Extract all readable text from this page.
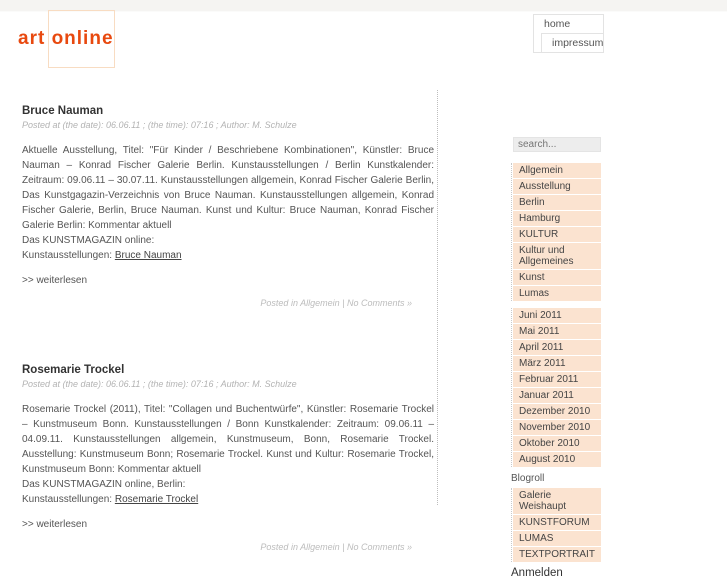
art online
home
impressum
Bruce Nauman
Posted at (the date): 06.06.11 ; (the time): 07:16 ; Author: M. Schulze

Aktuelle Ausstellung, Titel: "Für Kinder / Beschriebene Kombinationen", Künstler: Bruce Nauman – Konrad Fischer Galerie Berlin. Kunstausstellungen / Berlin Kunstkalender: Zeitraum: 09.06.11 – 30.07.11. Kunstausstellungen allgemein, Konrad Fischer Galerie Berlin, Das Kunstgagazin-Verzeichnis von Bruce Nauman. Kunstausstellungen allgemein, Konrad Fischer Galerie, Berlin, Bruce Nauman. Kunst und Kultur: Bruce Nauman, Konrad Fischer Galerie Berlin: Kommentar aktuell

Das KUNSTMAGAZIN online:
Kunstausstellungen: Bruce Nauman
>> weiterlesen
Posted in Allgemein | No Comments »
Rosemarie Trockel
Posted at (the date): 06.06.11 ; (the time): 07:16 ; Author: M. Schulze

Rosemarie Trockel (2011), Titel: "Collagen und Buchentwürfe", Künstler: Rosemarie Trockel – Kunstmuseum Bonn. Kunstausstellungen / Bonn Kunstkalender: Zeitraum: 09.06.11 – 04.09.11. Kunstausstellungen allgemein, Kunstmuseum, Bonn, Rosemarie Trockel. Ausstellung: Kunstmuseum Bonn; Rosemarie Trockel. Kunst und Kultur: Rosemarie Trockel, Kunstmuseum Bonn: Kommentar aktuell

Das KUNSTMAGAZIN online, Berlin:
Kunstausstellungen: Rosemarie Trockel
>> weiterlesen
Posted in Allgemein | No Comments »
search...
Allgemein
Ausstellung
Berlin
Hamburg
KULTUR
Kultur und Allgemeines
Kunst
Lumas
Juni 2011
Mai 2011
April 2011
März 2011
Februar 2011
Januar 2011
Dezember 2010
November 2010
Oktober 2010
August 2010
Blogroll
Galerie Weishaupt
KUNSTFORUM
LUMAS
TEXTPORTRAIT
Anmelden
